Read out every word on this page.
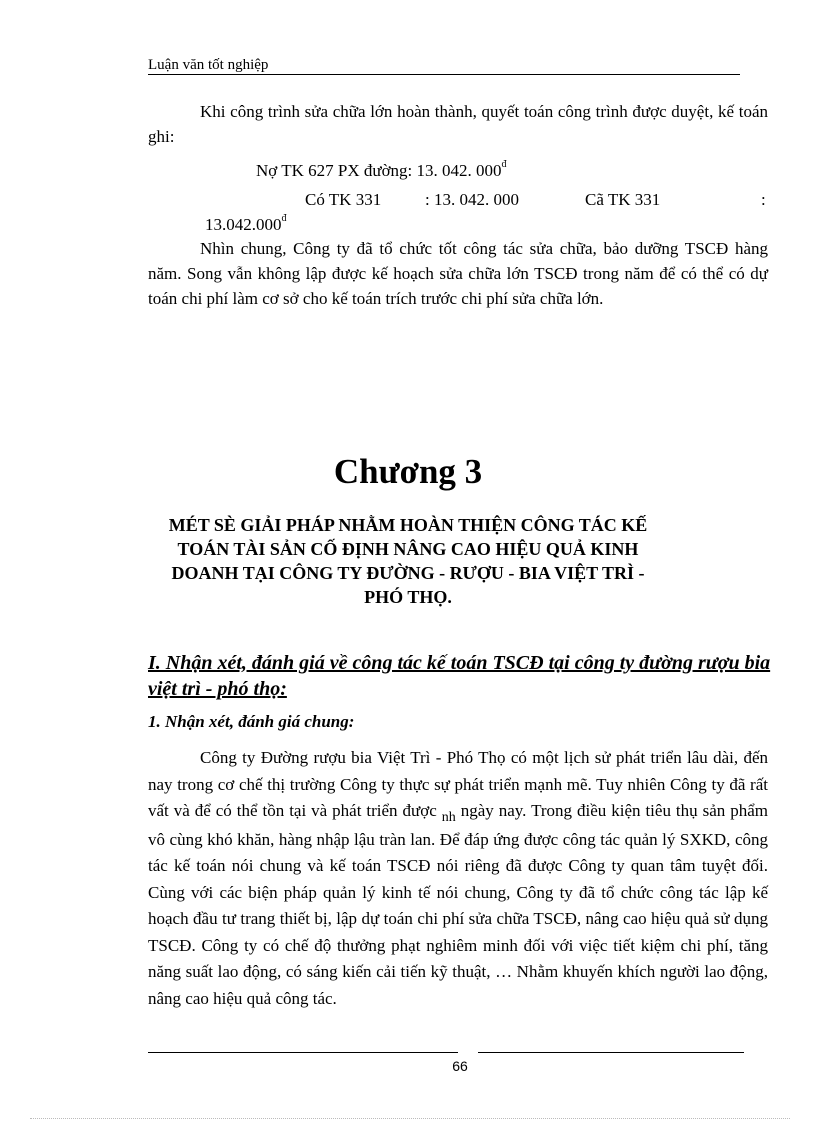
Luận văn tốt nghiệp

Khi công trình sửa chữa lớn hoàn thành, quyết toán công trình được duyệt, kế toán ghi:

Nợ TK 627 PX đường: 13. 042. $000^đ$
Có TK 331	: 13. 042. 000	Cã TK 331	:
$13.042.000^đ$

Nhìn chung, Công ty đã tổ chức tốt công tác sửa chữa, bảo dưỡng TSCĐ hàng năm. Song vẫn không lập được kế hoạch sửa chữa lớn TSCĐ trong năm để có thể có dự toán chi phí làm cơ sở cho kế toán trích trước chi phí sửa chữa lớn.

Chương 3
MÉT SÈ GIẢI PHÁP NHẰM HOÀN THIỆN CÔNG TÁC KẾ TOÁN TÀI SẢN CỐ ĐỊNH NÂNG CAO HIỆU QUẢ KINH DOANH TẠI CÔNG TY ĐƯỜNG - RƯỢU - BIA VIỆT TRÌ - PHÓ THỌ.
I. Nhận xét, đánh giá về công tác kế toán TSCĐ tại công ty đường rượu bia việt trì - phó thọ:
1. Nhận xét, đánh giá chung:

Công ty Đường rượu bia Việt Trì - Phó Thọ có một lịch sử phát triển lâu dài, đến nay trong cơ chế thị trường Công ty thực sự phát triển mạnh mẽ. Tuy nhiên Công ty đã rất vất và để có thể tồn tại và phát triển được $_{nh}$ ngày nay. Trong điều kiện tiêu thụ sản phẩm vô cùng khó khăn, hàng nhập lậu tràn lan. Để đáp ứng được công tác quản lý SXKD, công tác kế toán nói chung và kế toán TSCĐ nói riêng đã được Công ty quan tâm tuyệt đối. Cùng với các biện pháp quản lý kinh tế nói chung, Công ty đã tổ chức công tác lập kế hoạch đầu tư trang thiết bị, lập dự toán chi phí sửa chữa TSCĐ, nâng cao hiệu quả sử dụng TSCĐ. Công ty có chế độ thưởng phạt nghiêm minh đối với việc tiết kiệm chi phí, tăng năng suất lao động, có sáng kiến cải tiến kỹ thuật, … Nhằm khuyến khích người lao động, nâng cao hiệu quả công tác.

66
